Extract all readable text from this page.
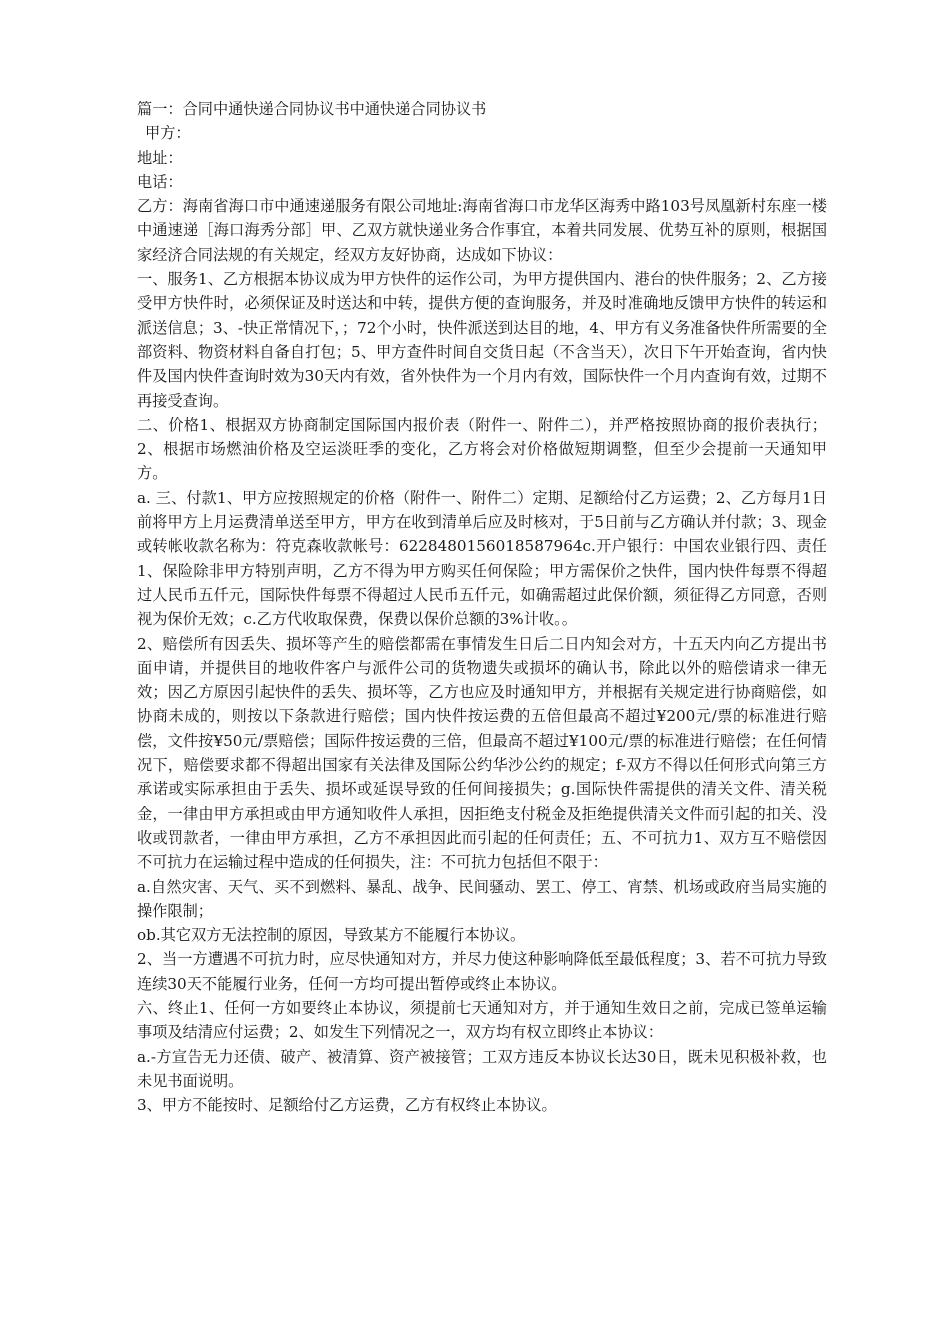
篇一：合同中通快递合同协议书中通快递合同协议书

甲方：

地址：

电话：

乙方：海南省海口市中通速递服务有限公司地址:海南省海口市龙华区海秀中路103号凤凰新村东座一楼中通速递［海口海秀分部］甲、乙双方就快递业务合作事宜，本着共同发展、优势互补的原则，根据国家经济合同法规的有关规定，经双方友好协商，达成如下协议：

一、服务1、乙方根据本协议成为甲方快件的运作公司，为甲方提供国内、港台的快件服务；2、乙方接受甲方快件时，必须保证及时送达和中转，提供方便的查询服务，并及时准确地反馈甲方快件的转运和派送信息；3、-快正常情况下，；72个小时，快件派送到达目的地，4、甲方有义务准备快件所需要的全部资料、物资材料自备自打包；5、甲方查件时间自交货日起（不含当天），次日下午开始查询，省内快件及国内快件查询时效为30天内有效，省外快件为一个月内有效，国际快件一个月内查询有效，过期不再接受查询。

二、价格1、根据双方协商制定国际国内报价表（附件一、附件二），并严格按照协商的报价表执行；2、根据市场燃油价格及空运淡旺季的变化，乙方将会对价格做短期调整，但至少会提前一天通知甲方。

a. 三、付款1、甲方应按照规定的价格（附件一、附件二）定期、足额给付乙方运费；2、乙方每月1日前将甲方上月运费清单送至甲方，甲方在收到清单后应及时核对，于5日前与乙方确认并付款；3、现金或转帐收款名称为：符克森收款帐号：6228480156018587964c.开户银行：中国农业银行四、责任1、保险除非甲方特别声明，乙方不得为甲方购买任何保险；甲方需保价之快件，国内快件每票不得超过人民币五仟元，国际快件每票不得超过人民币五仟元，如确需超过此保价额，须征得乙方同意，否则视为保价无效；c.乙方代收取保费，保费以保价总额的3%计收。。

2、赔偿所有因丢失、损坏等产生的赔偿都需在事情发生日后二日内知会对方，十五天内向乙方提出书面申请，并提供目的地收件客户与派件公司的货物遗失或损坏的确认书，除此以外的赔偿请求一律无效；因乙方原因引起快件的丢失、损坏等，乙方也应及时通知甲方，并根据有关规定进行协商赔偿，如协商未成的，则按以下条款进行赔偿；国内快件按运费的五倍但最高不超过¥200元/票的标准进行赔偿，文件按¥50元/票赔偿；国际件按运费的三倍，但最高不超过¥100元/票的标准进行赔偿；在任何情况下，赔偿要求都不得超出国家有关法律及国际公约华沙公约的规定；f-双方不得以任何形式向第三方承诺或实际承担由于丢失、损坏或延误导致的任何间接损失；g.国际快件需提供的清关文件、清关税金，一律由甲方承担或由甲方通知收件人承担，因拒绝支付税金及拒绝提供清关文件而引起的扣关、没收或罚款者，一律由甲方承担，乙方不承担因此而引起的任何责任；五、不可抗力1、双方互不赔偿因不可抗力在运输过程中造成的任何损失，注：不可抗力包括但不限于：

a.自然灾害、天气、买不到燃料、暴乱、战争、民间骚动、罢工、停工、宵禁、机场或政府当局实施的操作限制；

ob.其它双方无法控制的原因，导致某方不能履行本协议。

2、当一方遭遇不可抗力时，应尽快通知对方，并尽力使这种影响降低至最低程度；3、若不可抗力导致连续30天不能履行业务，任何一方均可提出暂停或终止本协议。

六、终止1、任何一方如要终止本协议，须提前七天通知对方，并于通知生效日之前，完成已签单运输事项及结清应付运费；2、如发生下列情况之一，双方均有权立即终止本协议：

a.-方宣告无力还债、破产、被清算、资产被接管；工双方违反本协议长达30日，既未见积极补救，也未见书面说明。

3、甲方不能按时、足额给付乙方运费，乙方有权终止本协议。
